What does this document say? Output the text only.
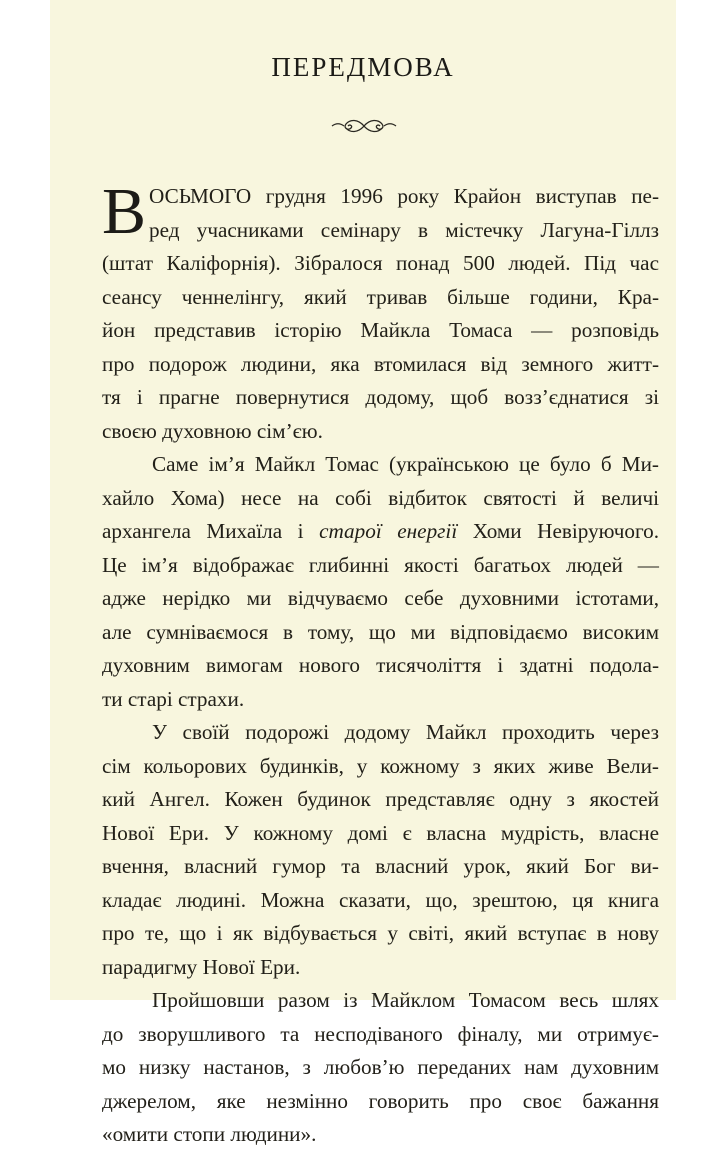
ПЕРЕДМОВА
В ОСЬМОГО грудня 1996 року Крайон виступав пе-
ред учасниками семінару в містечку Лагуна-Гіллз
(штат Каліфорнія). Зібралося понад 500 людей. Під час
сеансу ченнелінгу, який тривав більше години, Кра-
йон представив історію Майкла Томаса — розповідь
про подорож людини, яка втомилася від земного житт-
тя і прагне повернутися додому, щоб возз’єднатися зі
своєю духовною сім’єю.
Саме ім’я Майкл Томас (українською це було б Ми-
хайло Хома) несе на собі відбиток святості й величі
архангела Михаїла і старої енергії Хоми Невіруючого.
Це ім’я відображає глибинні якості багатьох людей —
адже нерідко ми відчуваємо себе духовними істотами,
але сумніваємося в тому, що ми відповідаємо високим
духовним вимогам нового тисячоліття і здатні подола-
ти старі страхи.
У своїй подорожі додому Майкл проходить через
сім кольорових будинків, у кожному з яких живе Вели-
кий Ангел. Кожен будинок представляє одну з якостей
Нової Ери. У кожному домі є власна мудрість, власне
вчення, власний гумор та власний урок, який Бог ви-
кладає людині. Можна сказати, що, зрештою, ця книга
про те, що і як відбувається у світі, який вступає в нову
парадигму Нової Ери.
Пройшовши разом із Майклом Томасом весь шлях
до зворушливого та несподіваного фіналу, ми отримує-
мо низку настанов, з любов’ю переданих нам духовним
джерелом, яке незмінно говорить про своє бажання
«омити стопи людини».
